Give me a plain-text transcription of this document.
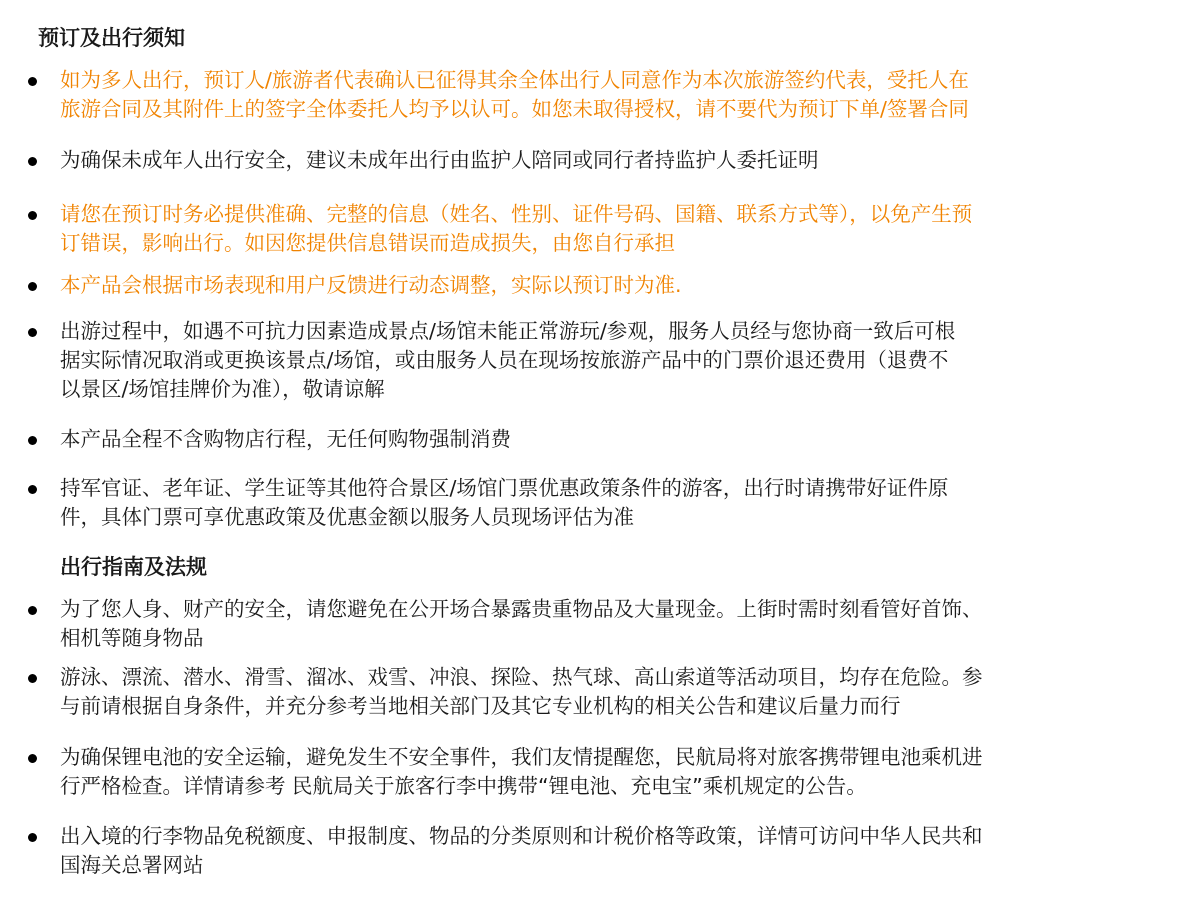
预订及出行须知
如为多人出行，预订人/旅游者代表确认已征得其余全体出行人同意作为本次旅游签约代表，受托人在
旅游合同及其附件上的签字全体委托人均予以认可。如您未取得授权，请不要代为预订下单/签署合同
为确保未成年人出行安全，建议未成年出行由监护人陪同或同行者持监护人委托证明
请您在预订时务必提供准确、完整的信息（姓名、性别、证件号码、国籍、联系方式等），以免产生预
订错误，影响出行。如因您提供信息错误而造成损失，由您自行承担
本产品会根据市场表现和用户反馈进行动态调整，实际以预订时为准.
出游过程中，如遇不可抗力因素造成景点/场馆未能正常游玩/参观，服务人员经与您协商一致后可根
据实际情况取消或更换该景点/场馆，或由服务人员在现场按旅游产品中的门票价退还费用（退费不
以景区/场馆挂牌价为准），敬请谅解
本产品全程不含购物店行程，无任何购物强制消费
持军官证、老年证、学生证等其他符合景区/场馆门票优惠政策条件的游客，出行时请携带好证件原
件，具体门票可享优惠政策及优惠金额以服务人员现场评估为准
出行指南及法规
为了您人身、财产的安全，请您避免在公开场合暴露贵重物品及大量现金。上街时需时刻看管好首饰、
相机等随身物品
游泳、漂流、潜水、滑雪、溜冰、戏雪、冲浪、探险、热气球、高山索道等活动项目，均存在危险。参
与前请根据自身条件，并充分参考当地相关部门及其它专业机构的相关公告和建议后量力而行
为确保锂电池的安全运输，避免发生不安全事件，我们友情提醒您，民航局将对旅客携带锂电池乘机进
行严格检查。详情请参考 民航局关于旅客行李中携带“锂电池、充电宝”乘机规定的公告。
出入境的行李物品免税额度、申报制度、物品的分类原则和计税价格等政策，详情可访问中华人民共和
国海关总署网站
